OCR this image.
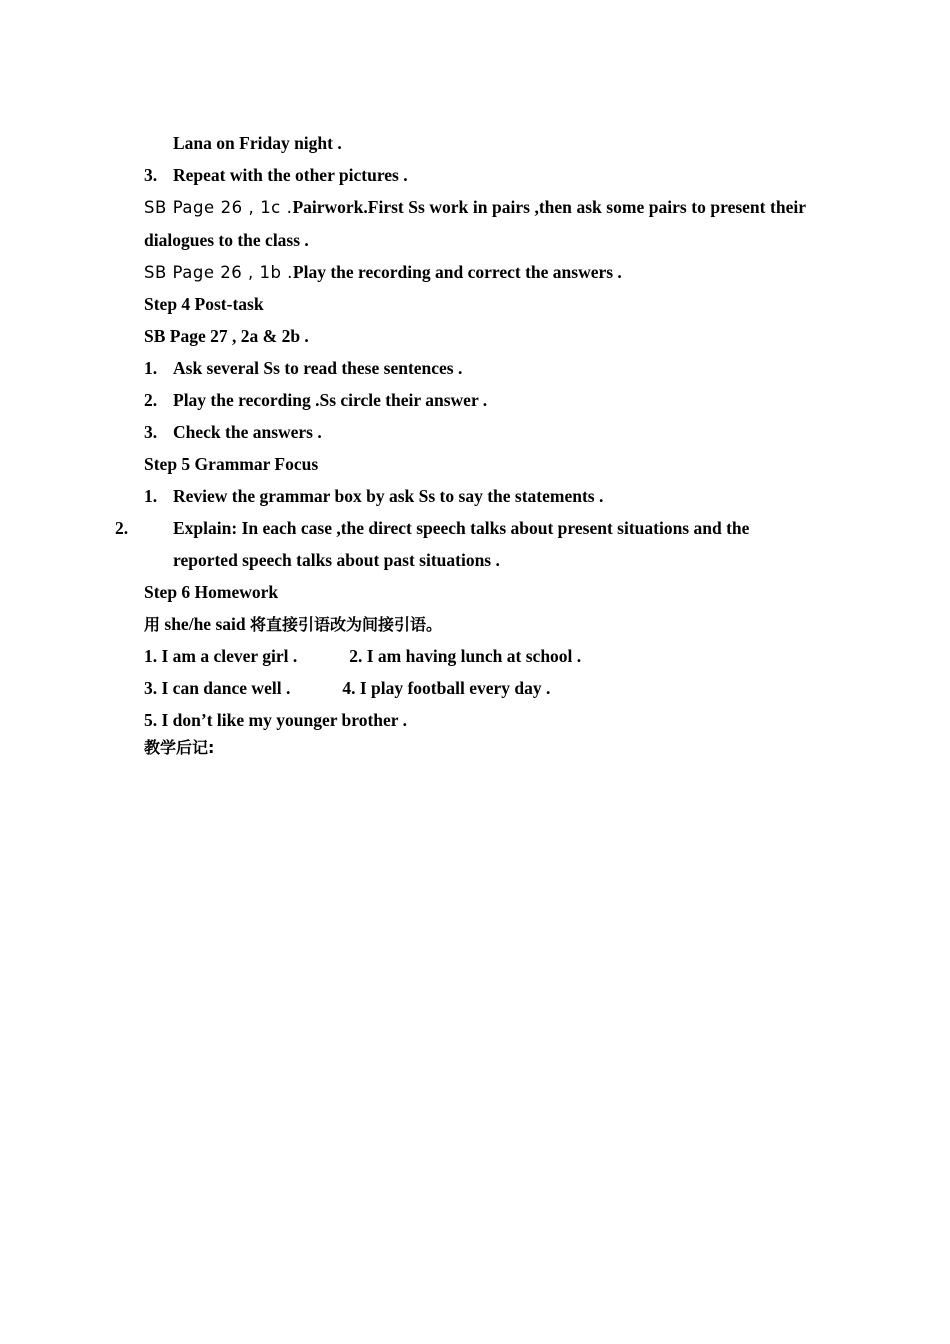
Lana on Friday night .
3. Repeat with the other pictures .
SB Page 26 , 1c .Pairwork.First Ss work in pairs ,then ask some pairs to present their dialogues to the class .
SB Page 26 , 1b .Play the recording and correct the answers .
Step 4 Post-task
SB Page 27 , 2a & 2b .
1. Ask several Ss to read these sentences .
2. Play the recording .Ss circle their answer .
3. Check the answers .
Step 5 Grammar Focus
1. Review the grammar box by ask Ss to say the statements .
2.	Explain: In each case ,the direct speech talks about present situations and the reported speech talks about past situations .
Step 6 Homework
用 she/he said 将直接引语改为间接引语。
1. I am a clever girl .	2. I am having lunch at school .
3. I can dance well .	4. I play football every day .
5. I don’t like my younger brother .
教学后记:
